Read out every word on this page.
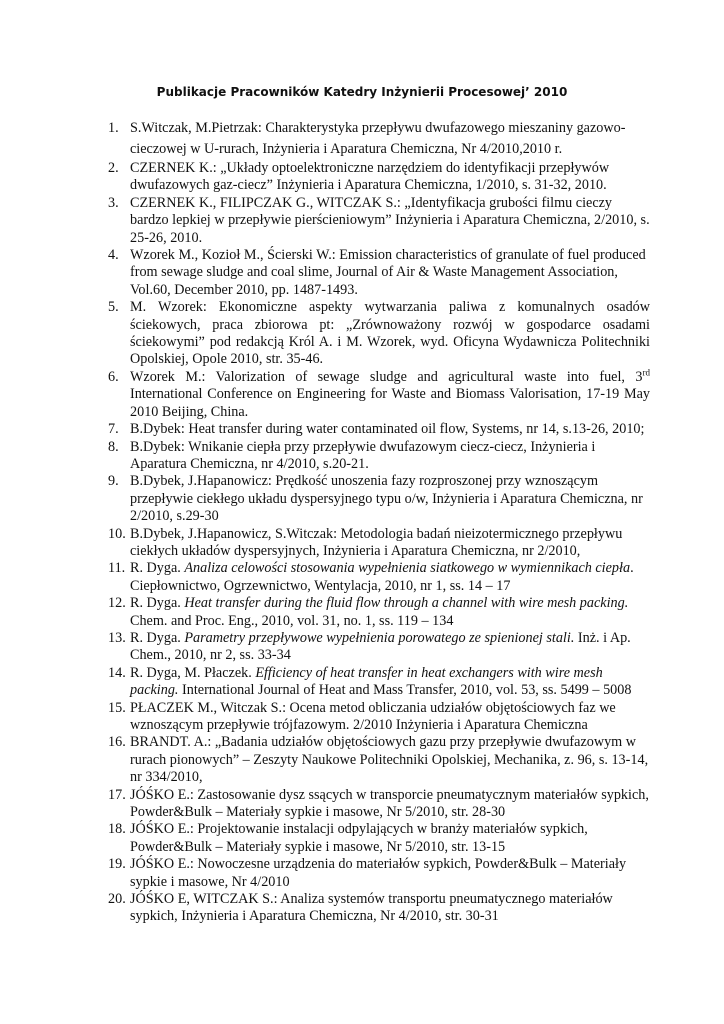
Publikacje Pracowników Katedry Inżynierii Procesowej’ 2010
1. S.Witczak, M.Pietrzak: Charakterystyka przepływu dwufazowego mieszaniny gazowo-cieczowej w U-rurach, Inżynieria i Aparatura Chemiczna, Nr 4/2010,2010 r.
2. CZERNEK K.: „Układy optoelektroniczne narzędziem do identyfikacji przepływów dwufazowych gaz-ciecz” Inżynieria i Aparatura Chemiczna, 1/2010, s. 31-32, 2010.
3. CZERNEK K., FILIPCZAK G., WITCZAK S.: „Identyfikacja grubości filmu cieczy bardzo lepkiej w przepływie pierścieniowym” Inżynieria i Aparatura Chemiczna, 2/2010, s. 25-26, 2010.
4. Wzorek M., Kozioł M., Ścierski W.: Emission characteristics of granulate of fuel produced from sewage sludge and coal slime, Journal of Air & Waste Management Association, Vol.60, December 2010, pp. 1487-1493.
5. M. Wzorek: Ekonomiczne aspekty wytwarzania paliwa z komunalnych osadów ściekowych, praca zbiorowa pt: „Zrównoważony rozwój w gospodarce osadami ściekowymi” pod redakcją Król A. i M. Wzorek, wyd. Oficyna Wydawnicza Politechniki Opolskiej, Opole 2010, str. 35-46.
6. Wzorek M.: Valorization of sewage sludge and agricultural waste into fuel, 3rd International Conference on Engineering for Waste and Biomass Valorisation, 17-19 May 2010 Beijing, China.
7. B.Dybek: Heat transfer during water contaminated oil flow, Systems, nr 14, s.13-26, 2010;
8. B.Dybek: Wnikanie ciepła przy przepływie dwufazowym ciecz-ciecz, Inżynieria i Aparatura Chemiczna, nr 4/2010, s.20-21.
9. B.Dybek, J.Hapanowicz: Prędkość unoszenia fazy rozproszonej przy wznoszącym przepływie ciekłego układu dyspersyjnego typu o/w, Inżynieria i Aparatura Chemiczna, nr 2/2010, s.29-30
10. B.Dybek, J.Hapanowicz, S.Witczak: Metodologia badań nieizotermicznego przepływu ciekłych układów dyspersyjnych, Inżynieria i Aparatura Chemiczna, nr 2/2010,
11. R. Dyga. Analiza celowości stosowania wypełnienia siatkowego w wymiennikach ciepła. Ciepłownictwo, Ogrzewnictwo, Wentylacja, 2010, nr 1, ss. 14 – 17
12. R. Dyga. Heat transfer during the fluid flow through a channel with wire mesh packing. Chem. and Proc. Eng., 2010, vol. 31, no. 1, ss. 119 – 134
13. R. Dyga. Parametry przepływowe wypełnienia porowatego ze spienionej stali. Inż. i Ap. Chem., 2010, nr 2, ss. 33-34
14. R. Dyga, M. Płaczek. Efficiency of heat transfer in heat exchangers with wire mesh packing. International Journal of Heat and Mass Transfer, 2010, vol. 53, ss. 5499 – 5008
15. PŁACZEK M., Witczak S.: Ocena metod obliczania udziałów objętościowych faz we wznoszącym przepływie trójfazowym. 2/2010 Inżynieria i Aparatura Chemiczna
16. BRANDT. A.: „Badania udziałów objętościowych gazu przy przepływie dwufazowym w rurach pionowych” – Zeszyty Naukowe Politechniki Opolskiej, Mechanika, z. 96, s. 13-14, nr 334/2010,
17. JÓŚKO E.: Zastosowanie dysz ssących w transporcie pneumatycznym materiałów sypkich, Powder&Bulk – Materiały sypkie i masowe, Nr 5/2010, str. 28-30
18. JÓŚKO E.: Projektowanie instalacji odpylających w branży materiałów sypkich, Powder&Bulk – Materiały sypkie i masowe, Nr 5/2010, str. 13-15
19. JÓŚKO E.: Nowoczesne urządzenia do materiałów sypkich, Powder&Bulk – Materiały sypkie i masowe, Nr 4/2010
20. JÓŚKO E, WITCZAK S.: Analiza systemów transportu pneumatycznego materiałów sypkich, Inżynieria i Aparatura Chemiczna, Nr 4/2010, str. 30-31
